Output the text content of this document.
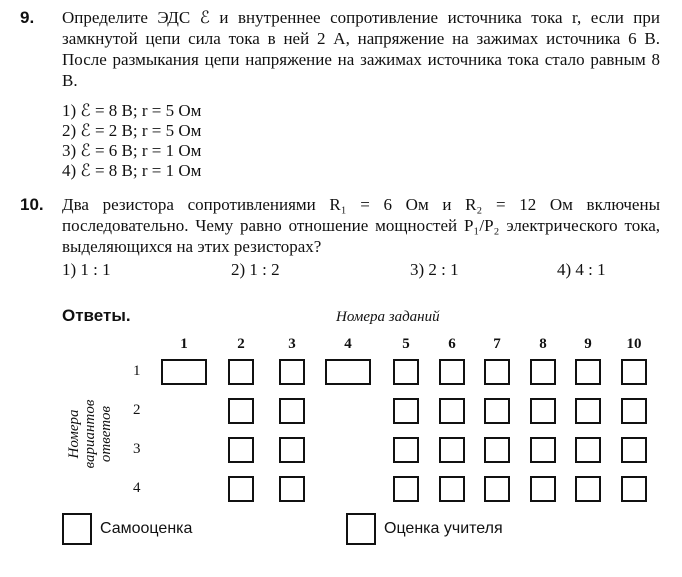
9. Определите ЭДС ℰ и внутреннее сопротивление источника тока r, если при замкнутой цепи сила тока в ней 2 А, напряжение на зажимах источника 6 В. После размыкания цепи напряжение на зажимах источника тока стало равным 8 В.
1) ℰ = 8 В; r = 5 Ом
2) ℰ = 2 В; r = 5 Ом
3) ℰ = 6 В; r = 1 Ом
4) ℰ = 8 В; r = 1 Ом
10. Два резистора сопротивлениями R₁ = 6 Ом и R₂ = 12 Ом включены последовательно. Чему равно отношение мощностей P₁/P₂ электрического тока, выделяющихся на этих резисторах?
1) 1 : 1	2) 1 : 2	3) 2 : 1	4) 4 : 1
Ответы.	Номера заданий
1	2	3	4	5	6	7	8	9	10
1
2
3
4
Номера вариантов ответов
Самооценка	Оценка учителя
